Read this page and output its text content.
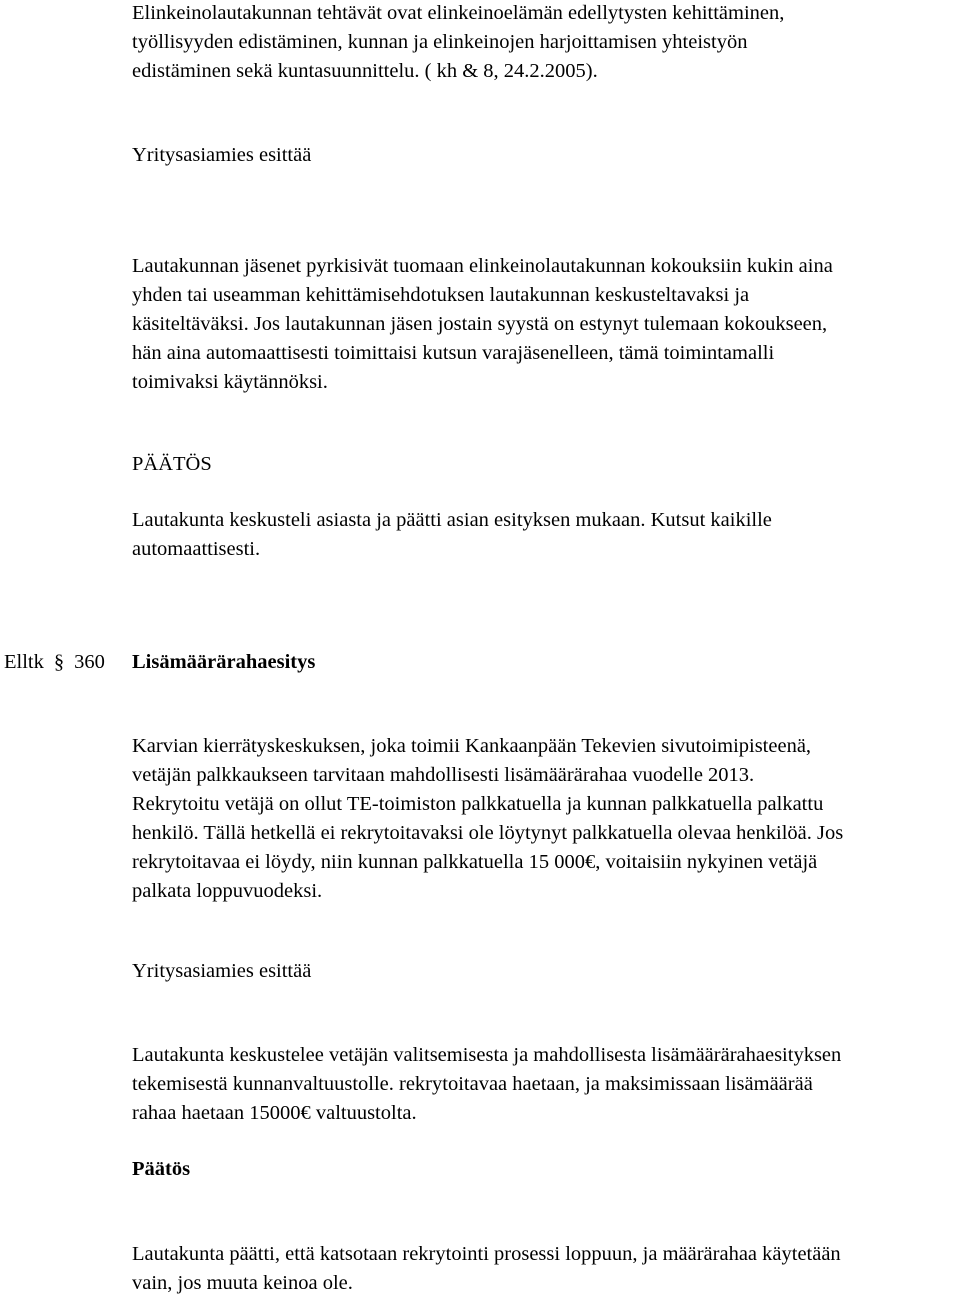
Elinkeinolautakunnan tehtävät ovat elinkeinoelämän edellytysten kehittäminen,
työllisyyden edistäminen, kunnan ja elinkeinojen harjoittamisen yhteistyön
edistäminen sekä kuntasuunnittelu. ( kh & 8, 24.2.2005).

Yritysasiamies esittää

Lautakunnan jäsenet pyrkisivät tuomaan elinkeinolautakunnan kokouksiin kukin aina
yhden tai useamman kehittämisehdotuksen lautakunnan keskusteltavaksi ja
käsiteltäväksi. Jos lautakunnan jäsen jostain syystä on estynyt tulemaan kokoukseen,
hän aina automaattisesti toimittaisi kutsun varajäsenelleen, tämä toimintamalli
toimivaksi käytännöksi.

PÄÄTÖS

Lautakunta keskusteli asiasta ja päätti asian esityksen mukaan. Kutsut kaikille
automaattisesti.

Elltk § 360	Lisämäärärahaesitys

Karvian kierrätyskeskuksen, joka toimii Kankaanpään Tekevien sivutoimipisteenä,
vetäjän palkkaukseen tarvitaan mahdollisesti lisämäärärahaa vuodelle 2013.
Rekrytoitu vetäjä on ollut TE-toimiston palkkatuella ja kunnan palkkatuella palkattu
henkilö. Tällä hetkellä ei rekrytoitavaksi ole löytynyt palkkatuella olevaa henkilöä. Jos
rekrytoitavaa ei löydy, niin kunnan palkkatuella 15 000€, voitaisiin nykyinen vetäjä
palkata loppuvuodeksi.

Yritysasiamies esittää

Lautakunta keskustelee vetäjän valitsemisesta ja mahdollisesta lisämäärärahaesityksen
tekemisestä kunnanvaltuustolle. rekrytoitavaa haetaan, ja maksimissaan lisämäärää
rahaa haetaan 15000€ valtuustolta.

Päätös

Lautakunta päätti, että katsotaan rekrytointi prosessi loppuun, ja määrärahaa käytetään
vain, jos muuta keinoa ole.
